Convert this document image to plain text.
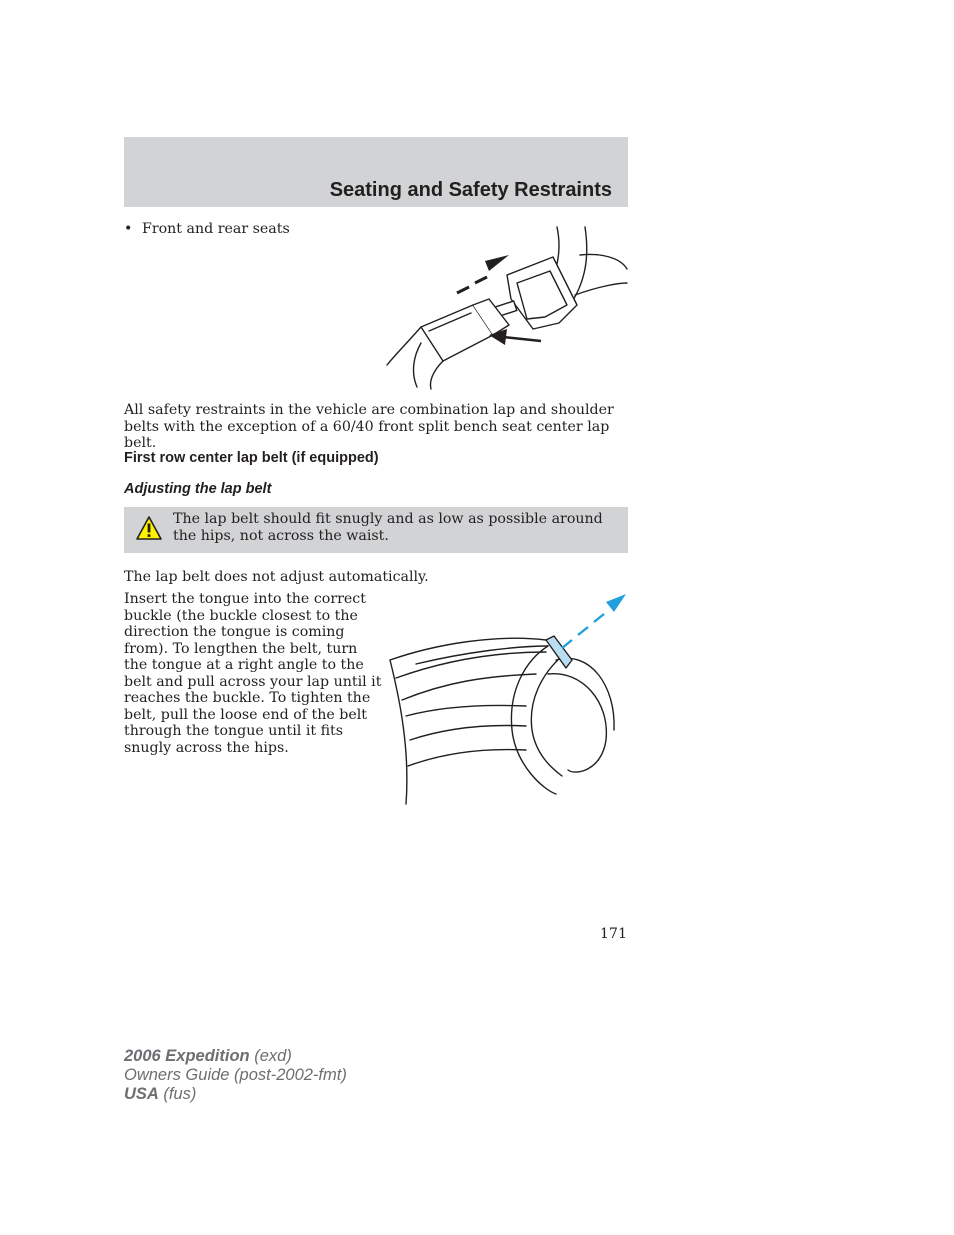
Seating and Safety Restraints
• Front and rear seats
All safety restraints in the vehicle are combination lap and shoulder belts with the exception of a 60/40 front split bench seat center lap belt.
First row center lap belt (if equipped)
Adjusting the lap belt
The lap belt should fit snugly and as low as possible around the hips, not across the waist.
The lap belt does not adjust automatically.
Insert the tongue into the correct buckle (the buckle closest to the direction the tongue is coming from). To lengthen the belt, turn the tongue at a right angle to the belt and pull across your lap until it reaches the buckle. To tighten the belt, pull the loose end of the belt through the tongue until it fits snugly across the hips.
171
2006 Expedition (exd)
Owners Guide (post-2002-fmt)
USA (fus)
